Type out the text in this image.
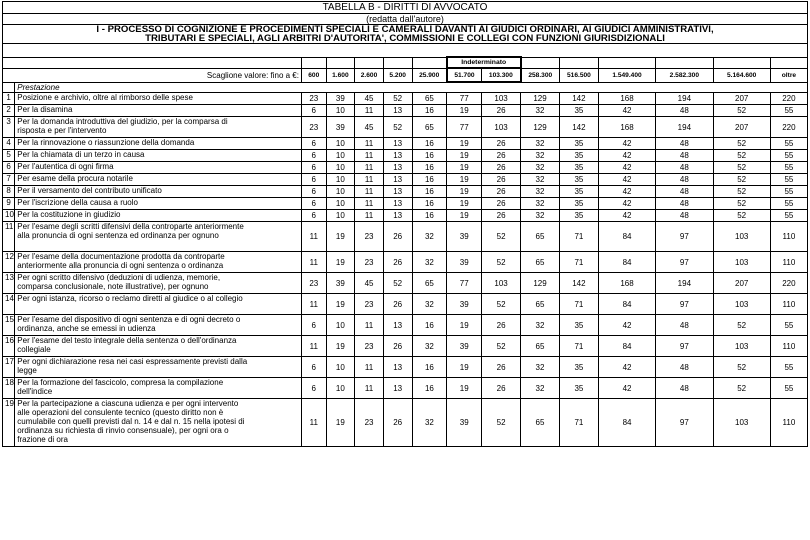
TABELLA B - DIRITTI DI AVVOCATO														
(redatta dall'autore)														

I - PROCESSO DI COGNIZIONE E PROCEDIMENTI SPECIALI E CAMERALI DAVANTI AI GIUDICI ORDINARI, AI GIUDICI AMMINISTRATIVI,
TRIBUTARI E SPECIALI, AGLI ARBITRI D'AUTORITA', COMMISSIONI E COLLEGI CON FUNZIONI GIURISDIZIONALI														

							Indeterminato							
Scaglione valore: fino a €:		600	1.600	2.600	5.200	25.900	51.700	103.300	258.300	516.500	1.549.400	2.582.300	5.164.600	oltre
	Prestazione													
1	Posizione e archivio, oltre al rimborso delle spese	23	39	45	52	65	77	103	129	142	168	194	207	220
2	Per la disamina	6	10	11	13	16	19	26	32	35	42	48	52	55
3	Per la domanda introduttiva del giudizio, per la comparsa di
risposta e per l'intervento	23	39	45	52	65	77	103	129	142	168	194	207	220
4	Per la rinnovazione o riassunzione della domanda	6	10	11	13	16	19	26	32	35	42	48	52	55
5	Per la chiamata di un terzo in causa	6	10	11	13	16	19	26	32	35	42	48	52	55
6	Per l'autentica di ogni firma	6	10	11	13	16	19	26	32	35	42	48	52	55
7	Per esame della procura notarile	6	10	11	13	16	19	26	32	35	42	48	52	55
8	Per il versamento del contributo unificato	6	10	11	13	16	19	26	32	35	42	48	52	55
9	Per l'iscrizione della causa a ruolo	6	10	11	13	16	19	26	32	35	42	48	52	55
10	Per la costituzione in giudizio	6	10	11	13	16	19	26	32	35	42	48	52	55
11	Per l'esame degli scritti difensivi della controparte anteriormente
alla pronuncia di ogni sentenza ed ordinanza per ognuno	11	19	23	26	32	39	52	65	71	84	97	103	110
12	Per l'esame della documentazione prodotta da controparte
anteriormente alla pronuncia di ogni sentenza o ordinanza	11	19	23	26	32	39	52	65	71	84	97	103	110
13	Per ogni scritto difensivo (deduzioni di udienza, memorie,
comparsa conclusionale, note illustrative), per ognuno	23	39	45	52	65	77	103	129	142	168	194	207	220
14	Per ogni istanza, ricorso o reclamo diretti al giudice o al collegio	11	19	23	26	32	39	52	65	71	84	97	103	110
15	Per l'esame del dispositivo di ogni sentenza e di ogni decreto o
ordinanza, anche se emessi in udienza	6	10	11	13	16	19	26	32	35	42	48	52	55
16	Per l'esame del testo integrale della sentenza o dell'ordinanza
collegiale	11	19	23	26	32	39	52	65	71	84	97	103	110
17	Per ogni dichiarazione resa nei casi espressamente previsti dalla
legge	6	10	11	13	16	19	26	32	35	42	48	52	55
18	Per la formazione del fascicolo, compresa la compilazione
dell'indice	6	10	11	13	16	19	26	32	35	42	48	52	55
19	Per la partecipazione a ciascuna udienza e per ogni intervento
alle operazioni del consulente tecnico (questo diritto non è
cumulabile con quelli previsti dal n. 14 e dal n. 15 nella ipotesi di
ordinanza su richiesta di rinvio consensuale), per ogni ora o
frazione di ora	11	19	23	26	32	39	52	65	71	84	97	103	110
